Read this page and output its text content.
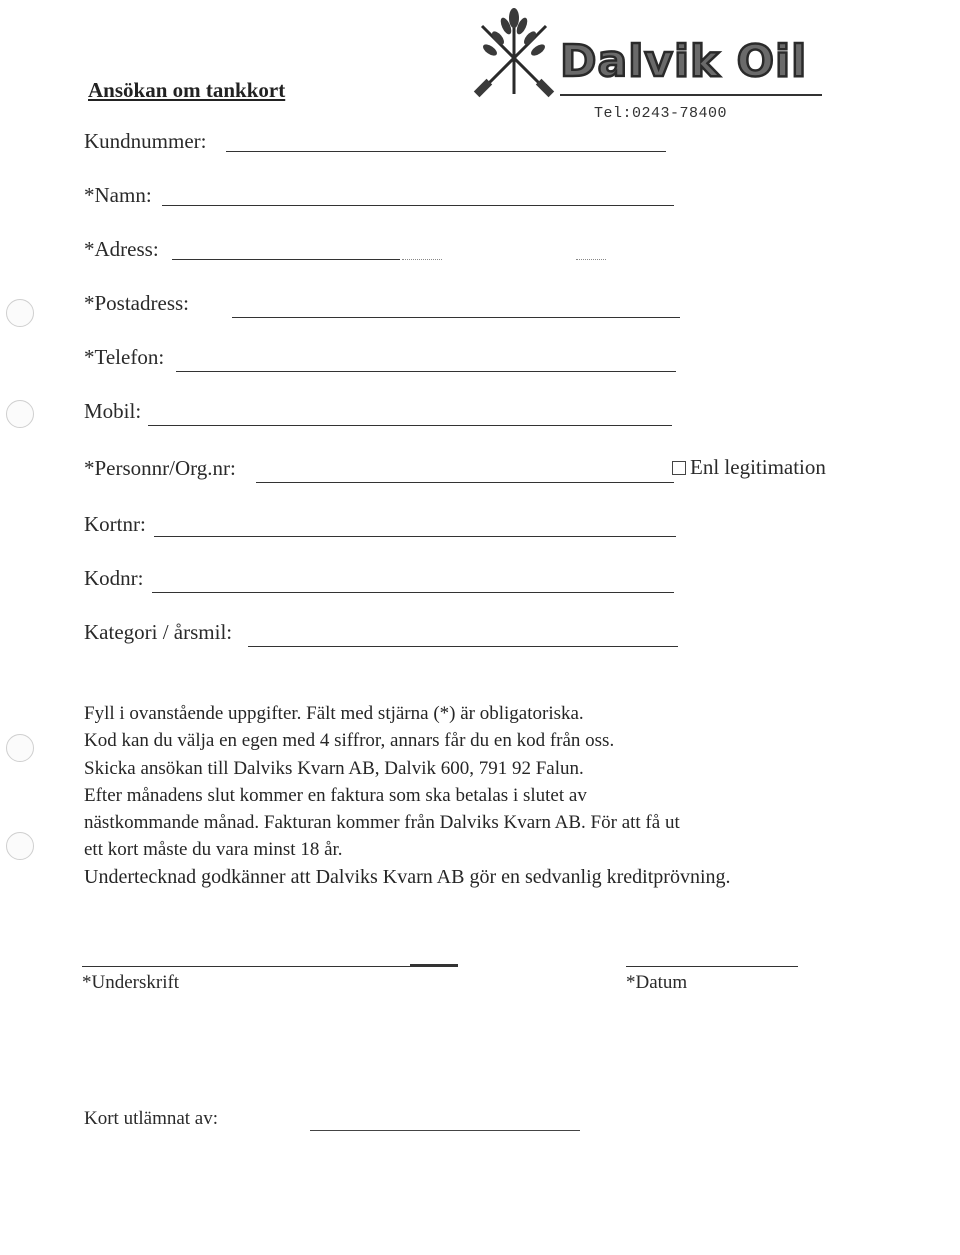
Dalvik Oil
Tel:0243-78400
Ansökan om tankkort
Kundnummer:
*Namn:
*Adress:
*Postadress:
*Telefon:
Mobil:
*Personnr/Org.nr:	Enl legitimation
Kortnr:
Kodnr:
Kategori / årsmil:

Fyll i ovanstående uppgifter. Fält med stjärna (*) är obligatoriska.

Kod kan du välja en egen med 4 siffror, annars får du en kod från oss.

Skicka ansökan till Dalviks Kvarn AB, Dalvik 600, 791 92 Falun.

Efter månadens slut kommer en faktura som ska betalas i slutet av

nästkommande månad. Fakturan kommer från Dalviks Kvarn AB. För att få ut

ett kort måste du vara minst 18 år.

Undertecknad godkänner att Dalviks Kvarn AB gör en sedvanlig kreditprövning.

*Underskrift	*Datum
Kort utlämnat av:
